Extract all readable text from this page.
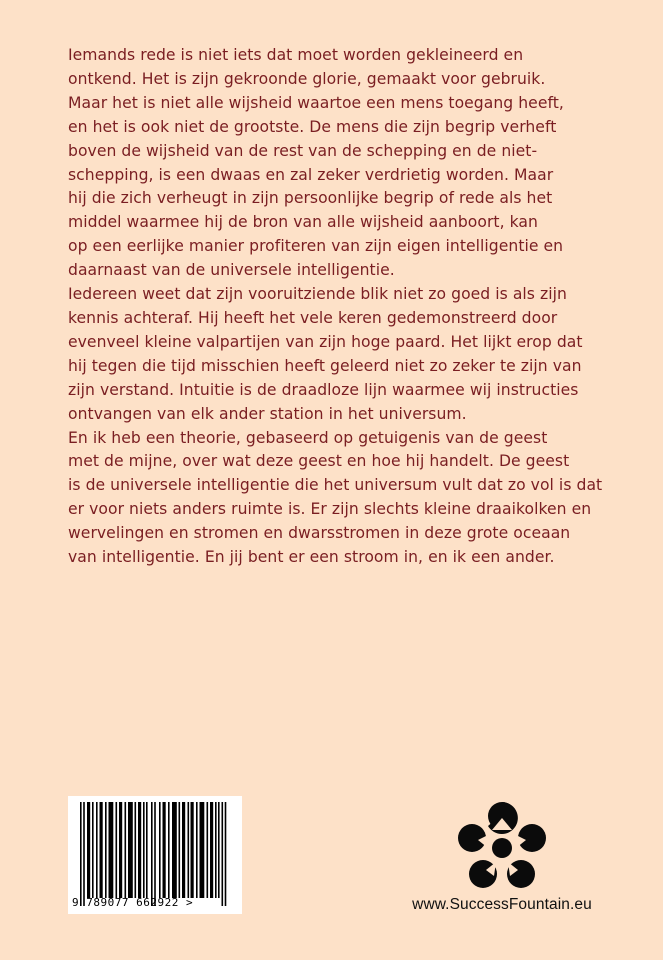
Iemands rede is niet iets dat moet worden gekleineerd en
ontkend. Het is zijn gekroonde glorie, gemaakt voor gebruik.
Maar het is niet alle wijsheid waartoe een mens toegang heeft,
en het is ook niet de grootste. De mens die zijn begrip verheft
boven de wijsheid van de rest van de schepping en de niet-
schepping, is een dwaas en zal zeker verdrietig worden. Maar
hij die zich verheugt in zijn persoonlijke begrip of rede als het
middel waarmee hij de bron van alle wijsheid aanboort, kan
op een eerlijke manier profiteren van zijn eigen intelligentie en
daarnaast van de universele intelligentie.
Iedereen weet dat zijn vooruitziende blik niet zo goed is als zijn
kennis achteraf. Hij heeft het vele keren gedemonstreerd door
evenveel kleine valpartijen van zijn hoge paard. Het lijkt erop dat
hij tegen die tijd misschien heeft geleerd niet zo zeker te zijn van
zijn verstand. Intuitie is de draadloze lijn waarmee wij instructies
ontvangen van elk ander station in het universum.
En ik heb een theorie, gebaseerd op getuigenis van de geest
met de mijne, over wat deze geest en hoe hij handelt. De geest
is de universele intelligentie die het universum vult dat zo vol is dat
er voor niets anders ruimte is. Er zijn slechts kleine draaikolken en
wervelingen en stromen en dwarsstromen in deze grote oceaan
van intelligentie. En jij bent er een stroom in, en ik een ander.
9 789077 662922 >	www.SuccessFountain.eu
